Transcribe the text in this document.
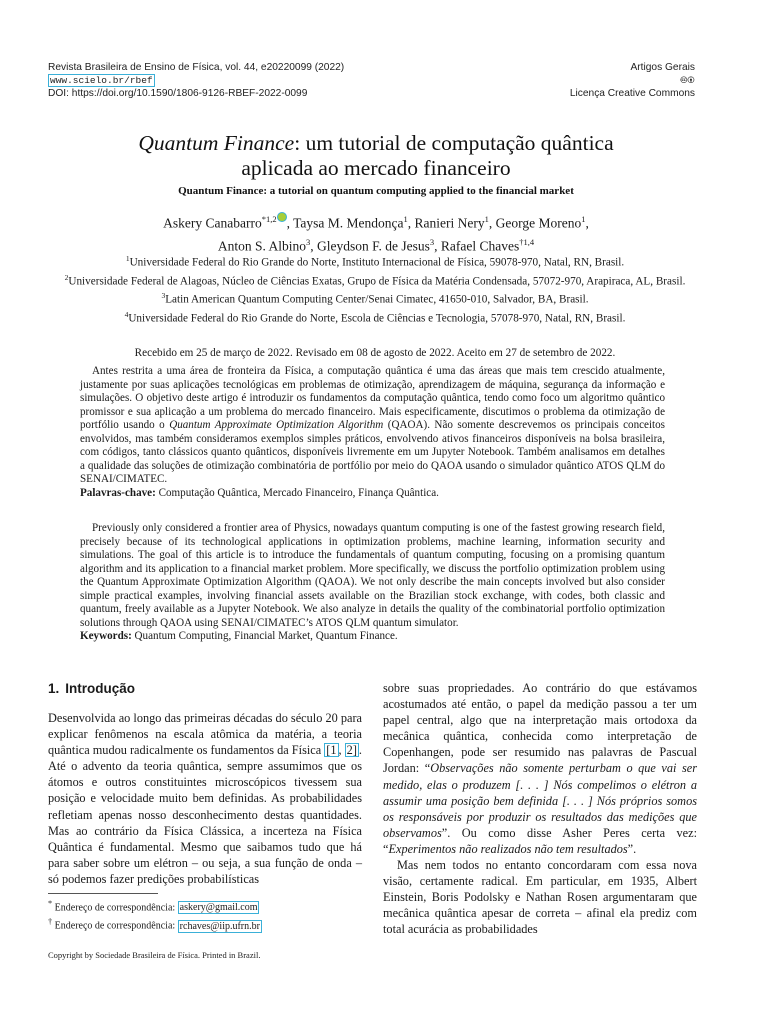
Revista Brasileira de Ensino de Física, vol. 44, e20220099 (2022)
www.scielo.br/rbef
DOI: https://doi.org/10.1590/1806-9126-RBEF-2022-0099
Artigos Gerais
🅭🅯
Licença Creative Commons
Quantum Finance: um tutorial de computação quântica
aplicada ao mercado financeiro
Quantum Finance: a tutorial on quantum computing applied to the financial market
Askery Canabarro$^{*1,2}$ , Taysa M. Mendonça$^1$, Ranieri Nery$^1$, George Moreno$^1$,
Anton S. Albino$^3$, Gleydson F. de Jesus$^3$, Rafael Chaves$^{\dagger 1,4}$
$^1$Universidade Federal do Rio Grande do Norte, Instituto Internacional de Física, 59078-970, Natal, RN, Brasil.
$^2$Universidade Federal de Alagoas, Núcleo de Ciências Exatas, Grupo de Física da Matéria Condensada, 57072-970, Arapiraca, AL, Brasil.
$^3$Latin American Quantum Computing Center/Senai Cimatec, 41650-010, Salvador, BA, Brasil.
$^4$Universidade Federal do Rio Grande do Norte, Escola de Ciências e Tecnologia, 57078-970, Natal, RN, Brasil.
Recebido em 25 de março de 2022. Revisado em 08 de agosto de 2022. Aceito em 27 de setembro de 2022.

Antes restrita a uma área de fronteira da Física, a computação quântica é uma das áreas que mais tem crescido atualmente, justamente por suas aplicações tecnológicas em problemas de otimização, aprendizagem de máquina, segurança da informação e simulações. O objetivo deste artigo é introduzir os fundamentos da computação quântica, tendo como foco um algoritmo quântico promissor e sua aplicação a um problema do mercado financeiro. Mais especificamente, discutimos o problema da otimização de portfólio usando o Quantum Approximate Optimization Algorithm (QAOA). Não somente descrevemos os principais conceitos envolvidos, mas também consideramos exemplos simples práticos, envolvendo ativos financeiros disponíveis na bolsa brasileira, com códigos, tanto clássicos quanto quânticos, disponíveis livremente em um Jupyter Notebook. Também analisamos em detalhes a qualidade das soluções de otimização combinatória de portfólio por meio do QAOA usando o simulador quântico ATOS QLM do SENAI/CIMATEC.

Palavras-chave: Computação Quântica, Mercado Financeiro, Finança Quântica.

Previously only considered a frontier area of Physics, nowadays quantum computing is one of the fastest growing research field, precisely because of its technological applications in optimization problems, machine learning, information security and simulations. The goal of this article is to introduce the fundamentals of quantum computing, focusing on a promising quantum algorithm and its application to a financial market problem. More specifically, we discuss the portfolio optimization problem using the Quantum Approximate Optimization Algorithm (QAOA). We not only describe the main concepts involved but also consider simple practical examples, involving financial assets available on the Brazilian stock exchange, with codes, both classic and quantum, freely available as a Jupyter Notebook. We also analyze in details the quality of the combinatorial portfolio optimization solutions through QAOA using SENAI/CIMATEC’s ATOS QLM quantum simulator.

Keywords: Quantum Computing, Financial Market, Quantum Finance.

1. Introdução

Desenvolvida ao longo das primeiras décadas do século 20 para explicar fenômenos na escala atômica da matéria, a teoria quântica mudou radicalmente os fundamentos da Física [1 , 2] . Até o advento da teoria quântica, sempre assumimos que os átomos e outros constituintes microscópicos tivessem sua posição e velocidade muito bem definidas. As probabilidades refletiam apenas nosso desconhecimento destas quantidades. Mas ao contrário da Física Clássica, a incerteza na Física Quântica é fundamental. Mesmo que saibamos tudo que há para saber sobre um elétron – ou seja, a sua função de onda – só podemos fazer predições probabilísticas

sobre suas propriedades. Ao contrário do que estávamos acostumados até então, o papel da medição passou a ter um papel central, algo que na interpretação mais ortodoxa da mecânica quântica, conhecida como interpretação de Copenhangen, pode ser resumido nas palavras de Pascual Jordan: “Observações não somente perturbam o que vai ser medido, elas o produzem [. . . ] Nós compelimos o elétron a assumir uma posição bem definida [. . . ] Nós próprios somos os responsáveis por produzir os resultados das medições que observamos”. Ou como disse Asher Peres certa vez: “Experimentos não realizados não tem resultados”.

Mas nem todos no entanto concordaram com essa nova visão, certamente radical. Em particular, em 1935, Albert Einstein, Boris Podolsky e Nathan Rosen argumentaram que mecânica quântica apesar de correta – afinal ela prediz com total acurácia as probabilidades

* Endereço de correspondência: askery@gmail.com
† Endereço de correspondência: rchaves@iip.ufrn.br
Copyright by Sociedade Brasileira de Física. Printed in Brazil.
